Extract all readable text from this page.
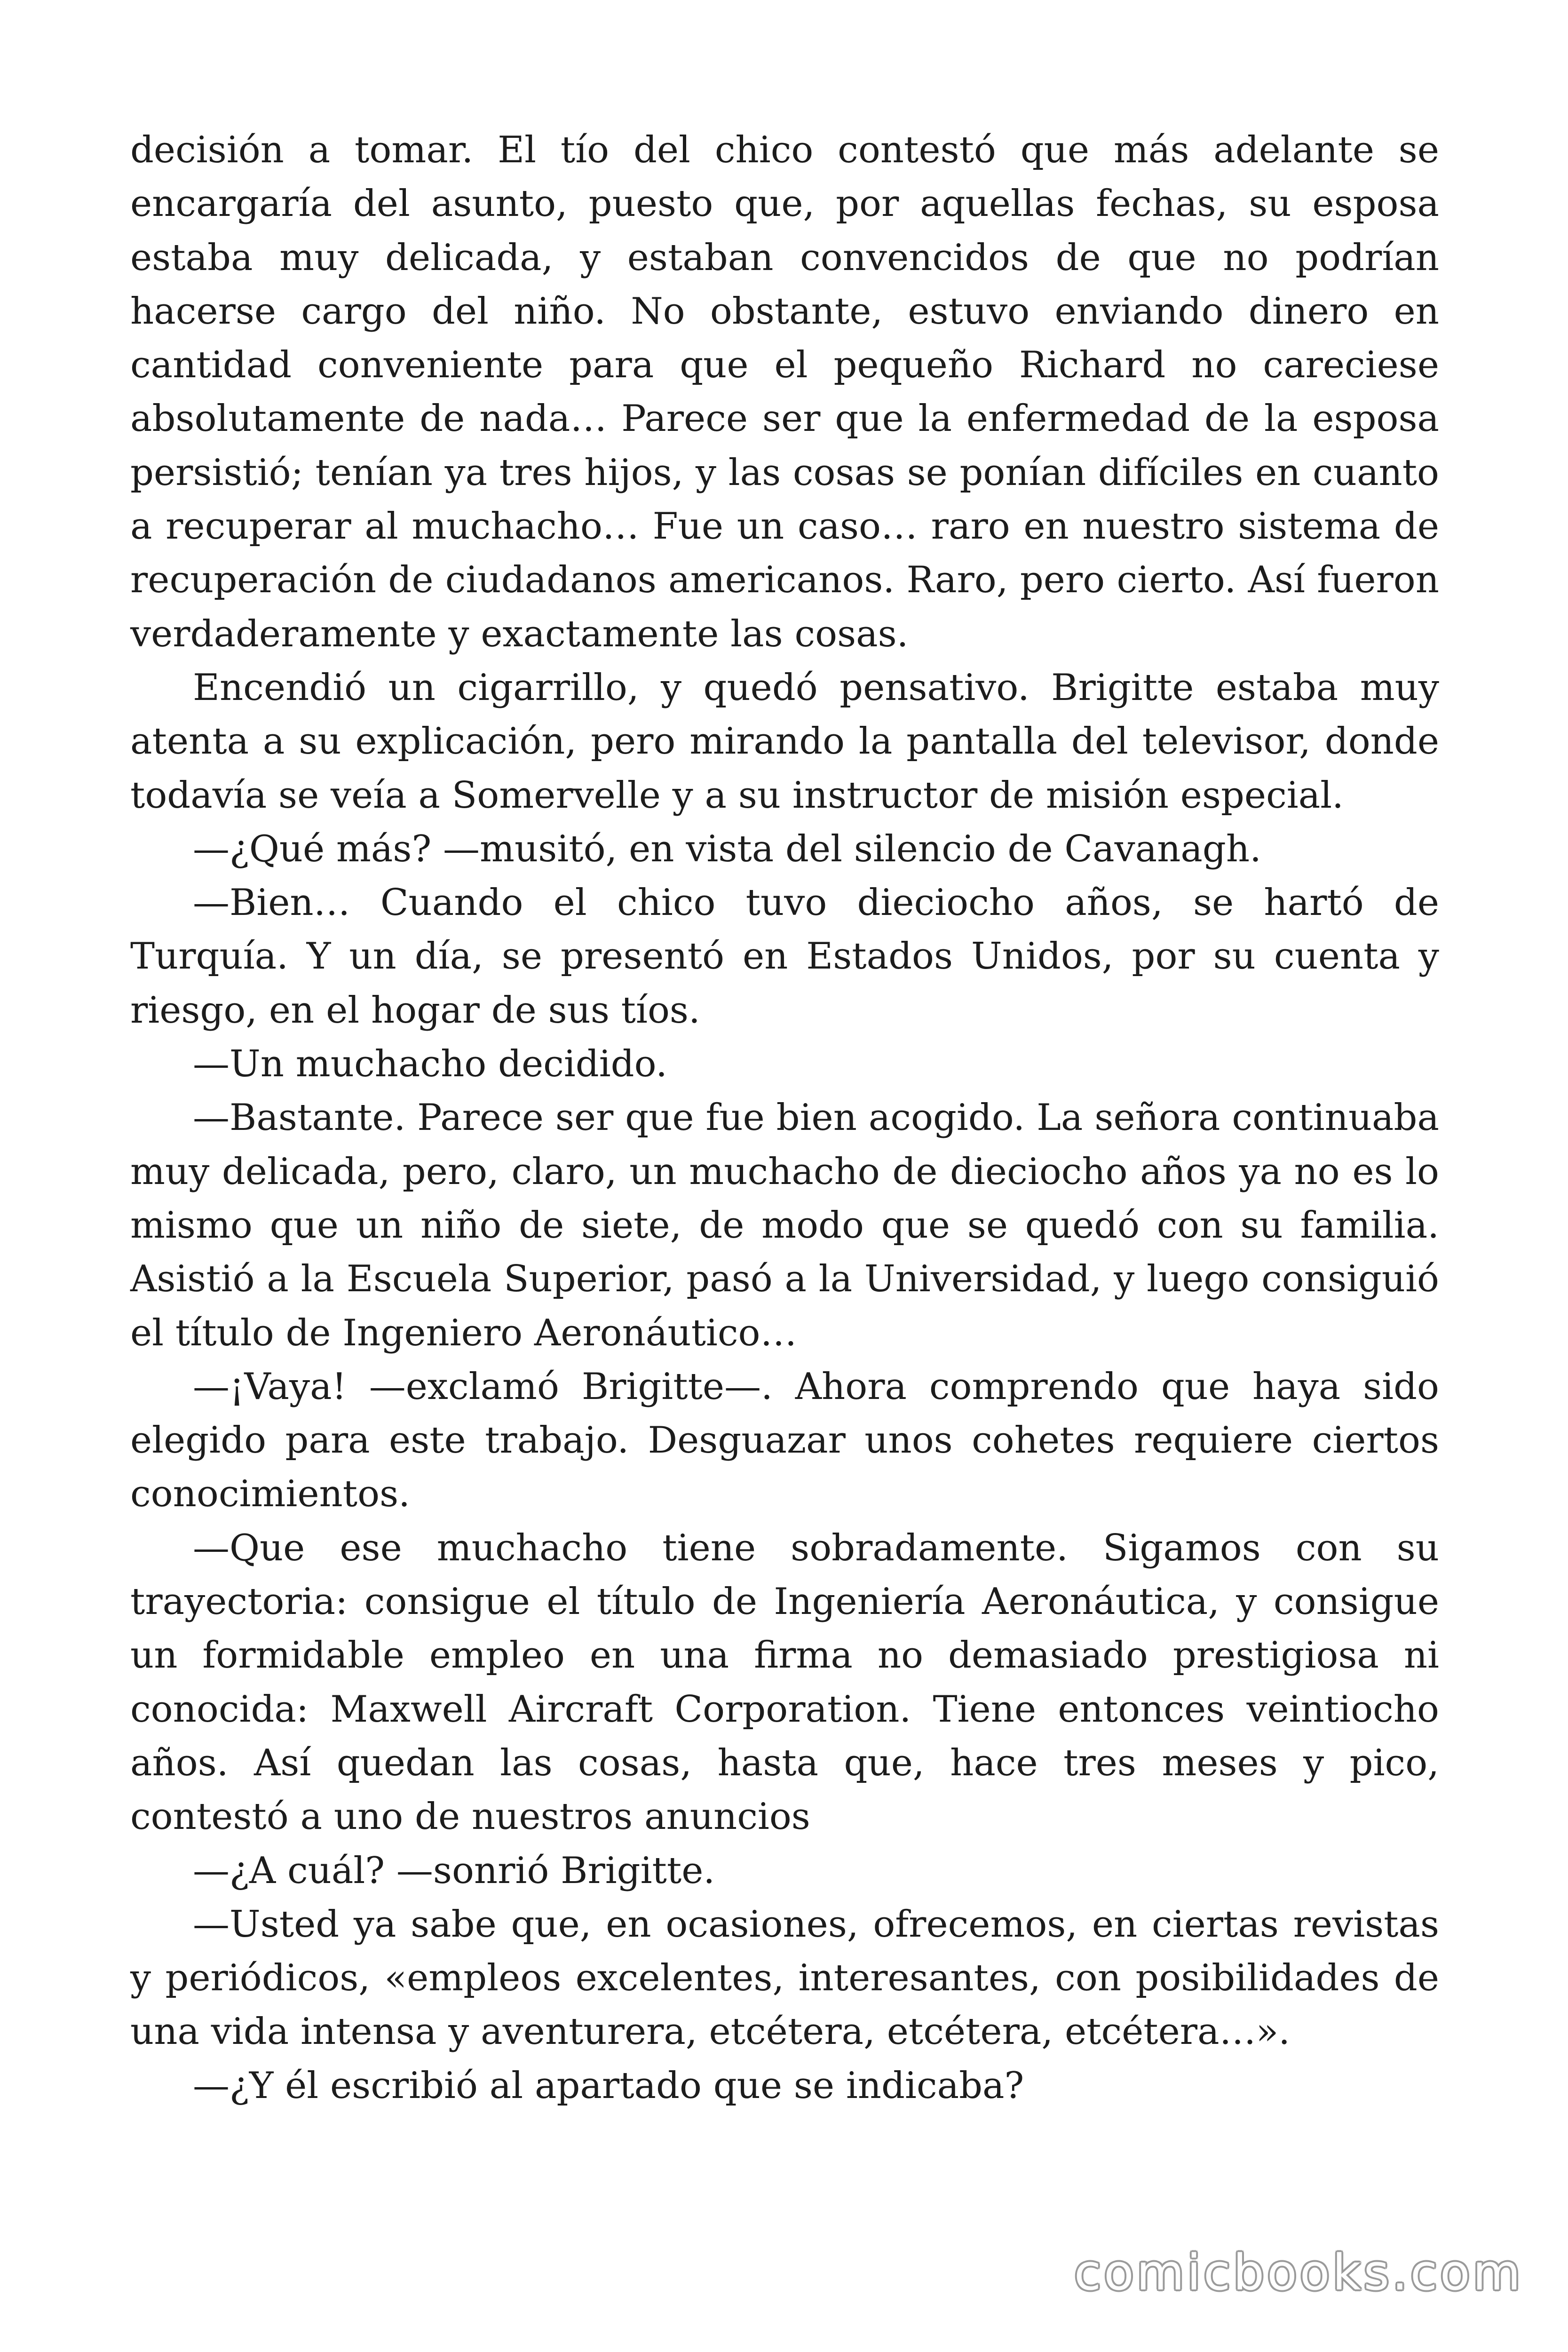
decisión a tomar. El tío del chico contestó que más adelante se encargaría del asunto, puesto que, por aquellas fechas, su esposa estaba muy delicada, y estaban convencidos de que no podrían hacerse cargo del niño. No obstante, estuvo enviando dinero en cantidad conveniente para que el pequeño Richard no careciese absolutamente de nada… Parece ser que la enfermedad de la esposa persistió; tenían ya tres hijos, y las cosas se ponían difíciles en cuanto a recuperar al muchacho… Fue un caso… raro en nuestro sistema de recuperación de ciudadanos americanos. Raro, pero cierto. Así fueron verdaderamente y exactamente las cosas.

Encendió un cigarrillo, y quedó pensativo. Brigitte estaba muy atenta a su explicación, pero mirando la pantalla del televisor, donde todavía se veía a Somervelle y a su instructor de misión especial.

—¿Qué más? —musitó, en vista del silencio de Cavanagh.

—Bien… Cuando el chico tuvo dieciocho años, se hartó de Turquía. Y un día, se presentó en Estados Unidos, por su cuenta y riesgo, en el hogar de sus tíos.

—Un muchacho decidido.

—Bastante. Parece ser que fue bien acogido. La señora continuaba muy delicada, pero, claro, un muchacho de dieciocho años ya no es lo mismo que un niño de siete, de modo que se quedó con su familia. Asistió a la Escuela Superior, pasó a la Universidad, y luego consiguió el título de Ingeniero Aeronáutico…

—¡Vaya! —exclamó Brigitte—. Ahora comprendo que haya sido elegido para este trabajo. Desguazar unos cohetes requiere ciertos conocimientos.

—Que ese muchacho tiene sobradamente. Sigamos con su trayectoria: consigue el título de Ingeniería Aeronáutica, y consigue un formidable empleo en una firma no demasiado prestigiosa ni conocida: Maxwell Aircraft Corporation. Tiene entonces veintiocho años. Así quedan las cosas, hasta que, hace tres meses y pico, contestó a uno de nuestros anuncios

—¿A cuál? —sonrió Brigitte.

—Usted ya sabe que, en ocasiones, ofrecemos, en ciertas revistas y periódicos, «empleos excelentes, interesantes, con posibilidades de una vida intensa y aventurera, etcétera, etcétera, etcétera…».

—¿Y él escribió al apartado que se indicaba?

comicbooks.com
